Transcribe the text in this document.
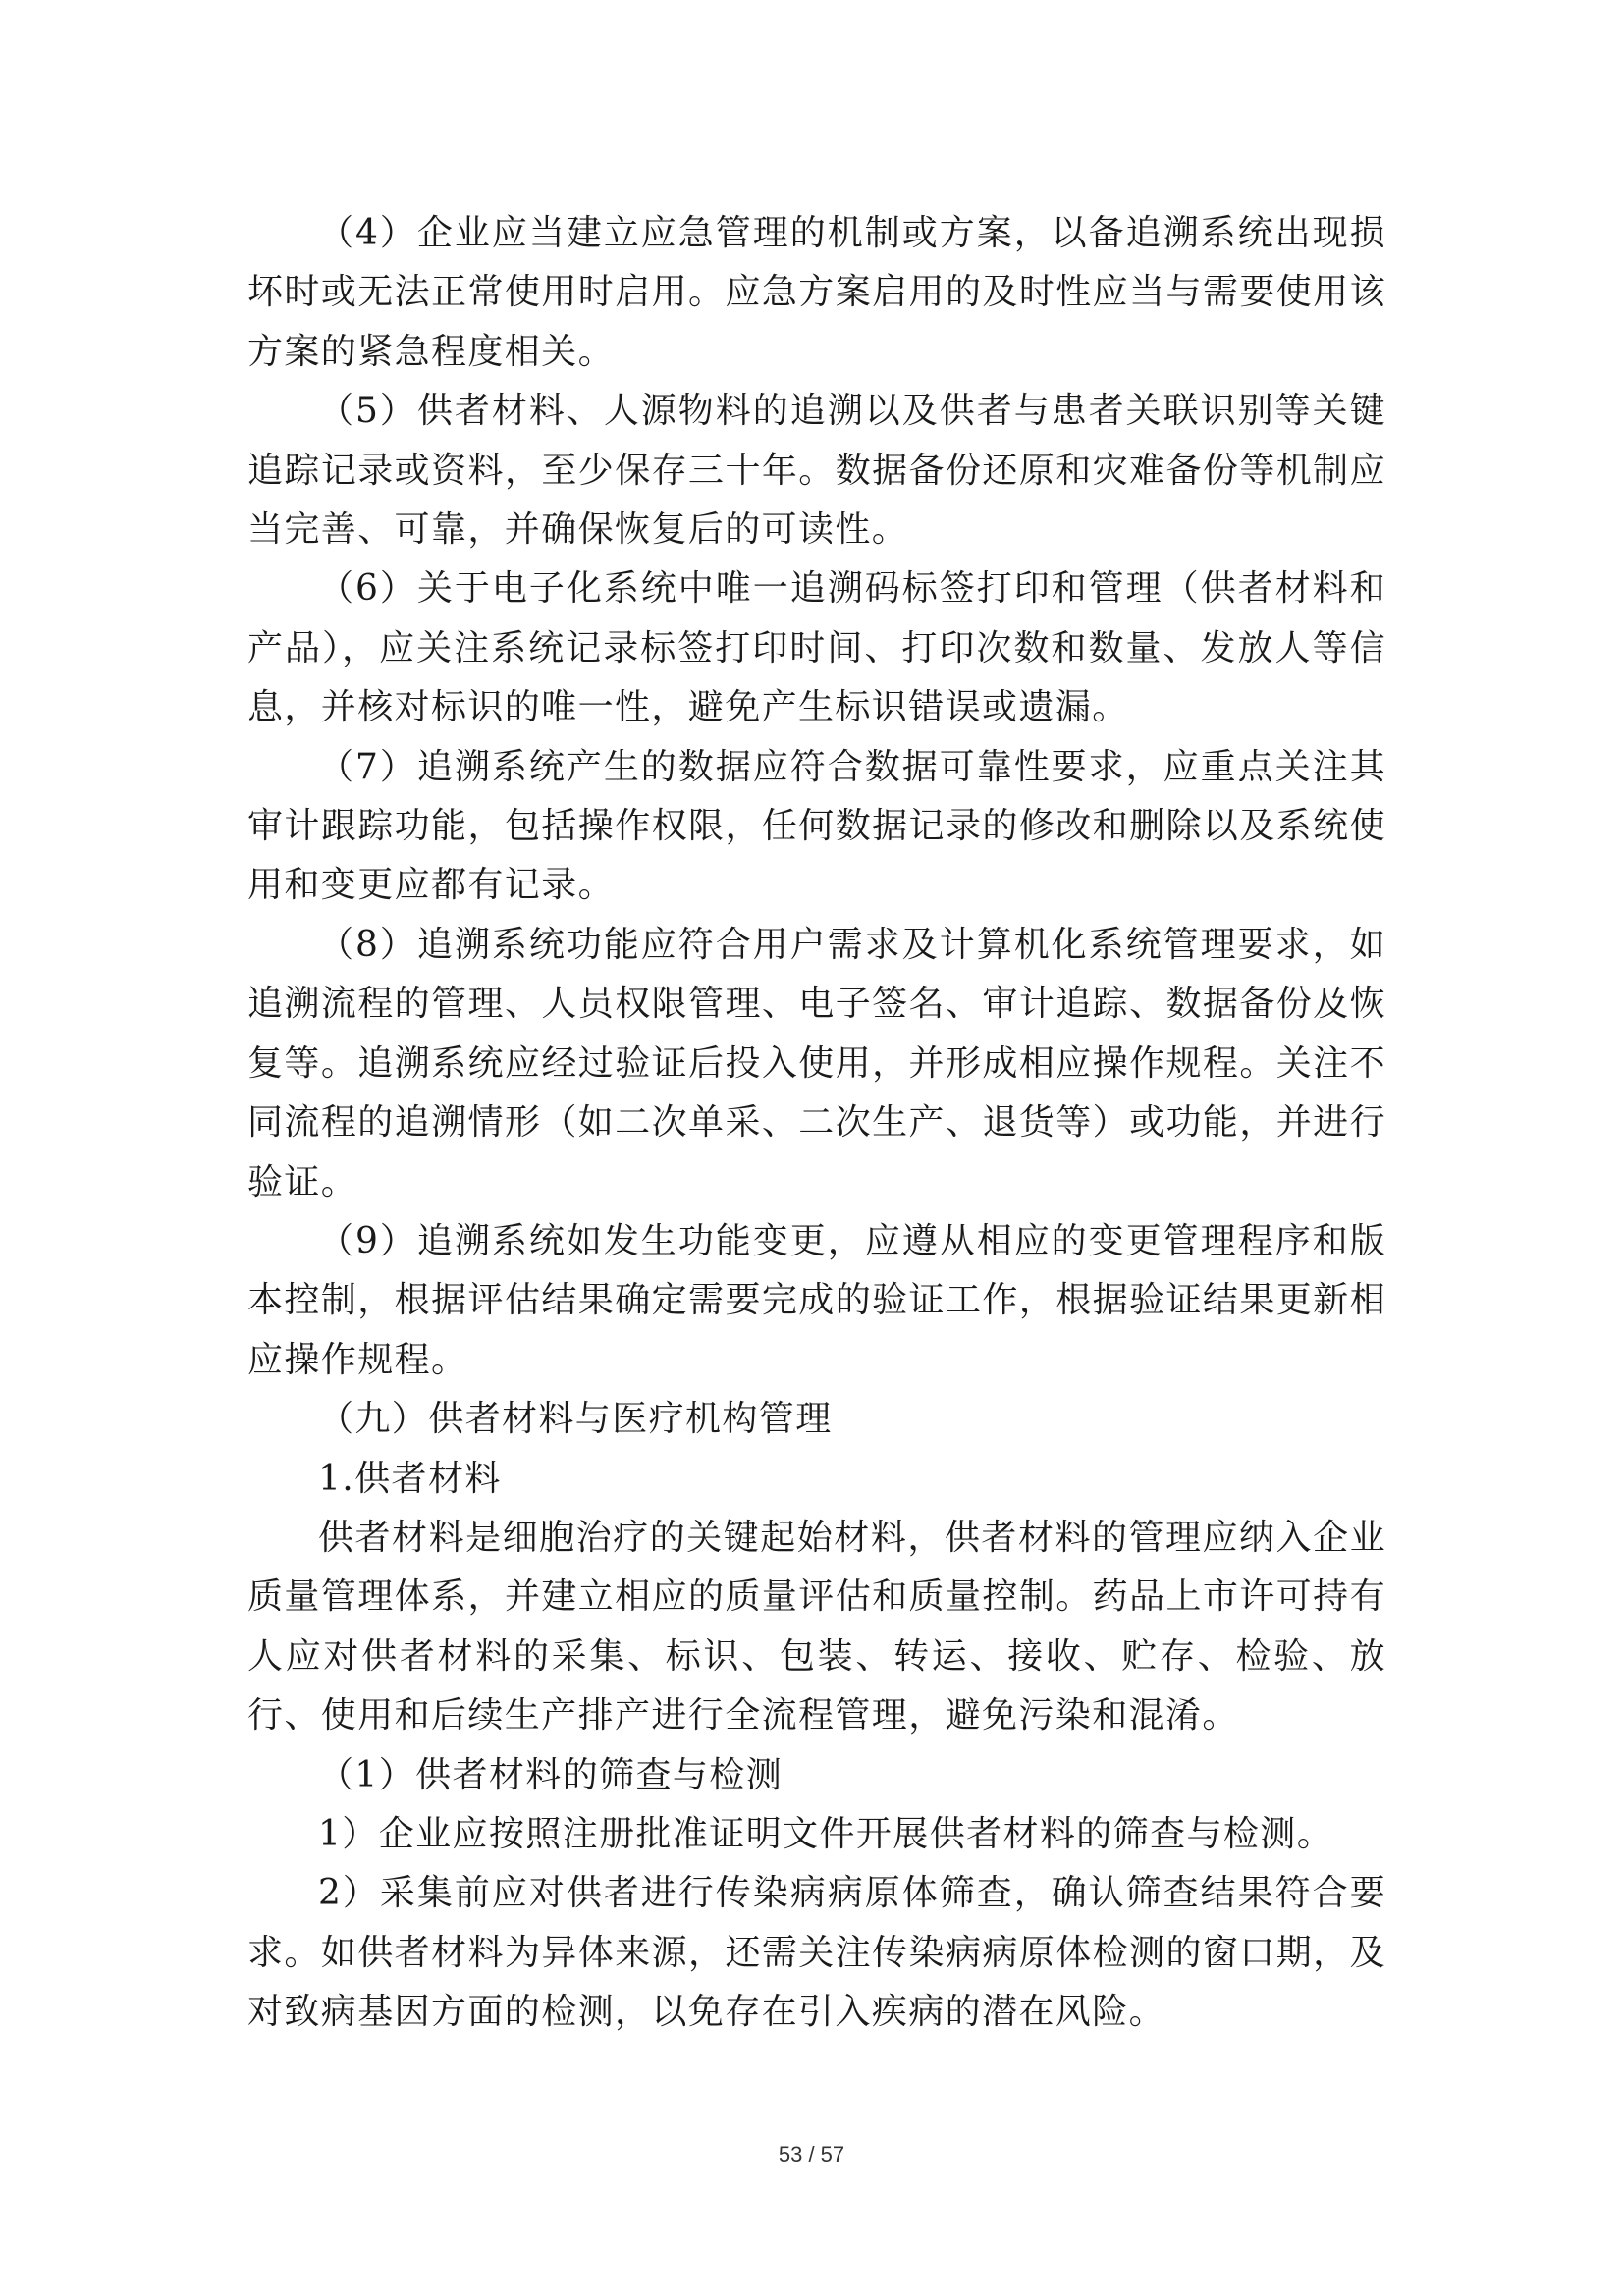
（4）企业应当建立应急管理的机制或方案，以备追溯系统出现损坏时或无法正常使用时启用。应急方案启用的及时性应当与需要使用该方案的紧急程度相关。

（5）供者材料、人源物料的追溯以及供者与患者关联识别等关键追踪记录或资料，至少保存三十年。数据备份还原和灾难备份等机制应当完善、可靠，并确保恢复后的可读性。

（6）关于电子化系统中唯一追溯码标签打印和管理（供者材料和产品），应关注系统记录标签打印时间、打印次数和数量、发放人等信息，并核对标识的唯一性，避免产生标识错误或遗漏。

（7）追溯系统产生的数据应符合数据可靠性要求，应重点关注其审计跟踪功能，包括操作权限，任何数据记录的修改和删除以及系统使用和变更应都有记录。

（8）追溯系统功能应符合用户需求及计算机化系统管理要求，如追溯流程的管理、人员权限管理、电子签名、审计追踪、数据备份及恢复等。追溯系统应经过验证后投入使用，并形成相应操作规程。关注不同流程的追溯情形（如二次单采、二次生产、退货等）或功能，并进行验证。

（9）追溯系统如发生功能变更，应遵从相应的变更管理程序和版本控制，根据评估结果确定需要完成的验证工作，根据验证结果更新相应操作规程。

（九）供者材料与医疗机构管理

1.供者材料

供者材料是细胞治疗的关键起始材料，供者材料的管理应纳入企业质量管理体系，并建立相应的质量评估和质量控制。药品上市许可持有人应对供者材料的采集、标识、包装、转运、接收、贮存、检验、放行、使用和后续生产排产进行全流程管理，避免污染和混淆。

（1）供者材料的筛查与检测

1）企业应按照注册批准证明文件开展供者材料的筛查与检测。

2）采集前应对供者进行传染病病原体筛查，确认筛查结果符合要求。如供者材料为异体来源，还需关注传染病病原体检测的窗口期，及对致病基因方面的检测，以免存在引入疾病的潜在风险。

53 / 57
